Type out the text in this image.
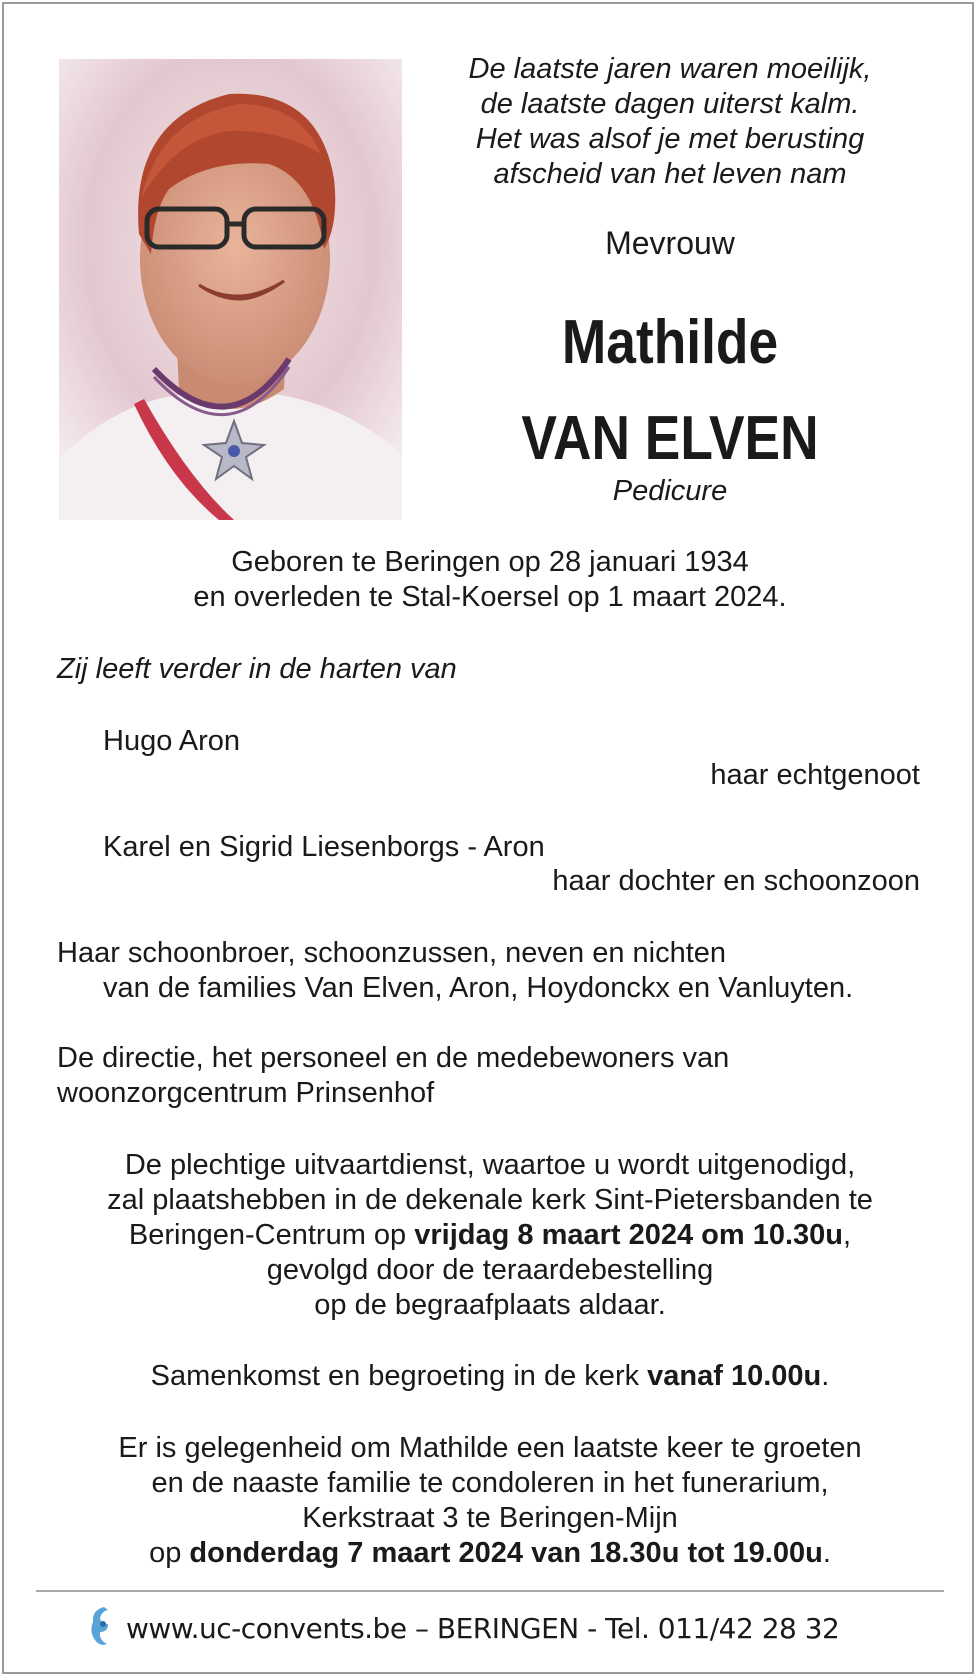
De laatste jaren waren moeilijk,
de laatste dagen uiterst kalm.
Het was alsof je met berusting
afscheid van het leven nam
Mevrouw
Mathilde
VAN ELVEN
Pedicure
Geboren te Beringen op 28 januari 1934
en overleden te Stal-Koersel op 1 maart 2024.
Zij leeft verder in de harten van
Hugo Aron
haar echtgenoot
Karel en Sigrid Liesenborgs - Aron
haar dochter en schoonzoon
Haar schoonbroer, schoonzussen, neven en nichten
van de families Van Elven, Aron, Hoydonckx en Vanluyten.
De directie, het personeel en de medebewoners van
woonzorgcentrum Prinsenhof
De plechtige uitvaartdienst, waartoe u wordt uitgenodigd,
zal plaatshebben in de dekenale kerk Sint-Pietersbanden te
Beringen-Centrum op vrijdag 8 maart 2024 om 10.30u,
gevolgd door de teraardebestelling
op de begraafplaats aldaar.
Samenkomst en begroeting in de kerk vanaf 10.00u.
Er is gelegenheid om Mathilde een laatste keer te groeten
en de naaste familie te condoleren in het funerarium,
Kerkstraat 3 te Beringen-Mijn
op donderdag 7 maart 2024 van 18.30u tot 19.00u.
www.uc-convents.be – BERINGEN - Tel. 011/42 28 32
